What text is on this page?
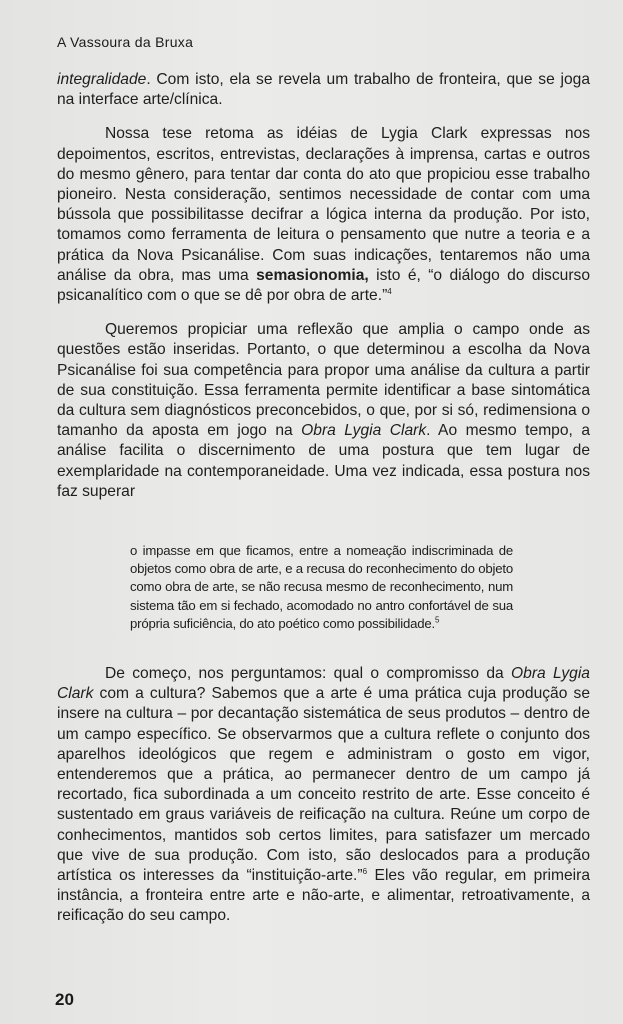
A Vassoura da Bruxa

integralidade. Com isto, ela se revela um trabalho de fronteira, que se joga na interface arte/clínica.

Nossa tese retoma as idéias de Lygia Clark expressas nos depoimentos, escritos, entrevistas, declarações à imprensa, cartas e outros do mesmo gênero, para tentar dar conta do ato que propiciou esse trabalho pioneiro. Nesta consideração, sentimos necessidade de contar com uma bússola que possibilitasse decifrar a lógica interna da produção. Por isto, tomamos como ferramenta de leitura o pensamento que nutre a teoria e a prática da Nova Psicanálise. Com suas indicações, tentaremos não uma análise da obra, mas uma semasionomia, isto é, “o diálogo do discurso psicanalítico com o que se dê por obra de arte.”$^4$

Queremos propiciar uma reflexão que amplia o campo onde as questões estão inseridas. Portanto, o que determinou a escolha da Nova Psicanálise foi sua competência para propor uma análise da cultura a partir de sua constituição. Essa ferramenta permite identificar a base sintomática da cultura sem diagnósticos preconcebidos, o que, por si só, redimensiona o tamanho da aposta em jogo na Obra Lygia Clark. Ao mesmo tempo, a análise facilita o discernimento de uma postura que tem lugar de exemplaridade na contemporaneidade. Uma vez indicada, essa postura nos faz superar

o impasse em que ficamos, entre a nomeação indiscriminada de objetos como obra de arte, e a recusa do reconhecimento do objeto como obra de arte, se não recusa mesmo de reconhecimento, num sistema tão em si fechado, acomodado no antro confortável de sua própria suficiência, do ato poético como possibilidade.$^5$

De começo, nos perguntamos: qual o compromisso da Obra Lygia Clark com a cultura? Sabemos que a arte é uma prática cuja produção se insere na cultura – por decantação sistemática de seus produtos – dentro de um campo específico. Se observarmos que a cultura reflete o conjunto dos aparelhos ideológicos que regem e administram o gosto em vigor, entenderemos que a prática, ao permanecer dentro de um campo já recortado, fica subordinada a um conceito restrito de arte. Esse conceito é sustentado em graus variáveis de reificação na cultura. Reúne um corpo de conhecimentos, mantidos sob certos limites, para satisfazer um mercado que vive de sua produção. Com isto, são deslocados para a produção artística os interesses da “instituição-arte.”$^6$ Eles vão regular, em primeira instância, a fronteira entre arte e não-arte, e alimentar, retroativamente, a reificação do seu campo.

20
